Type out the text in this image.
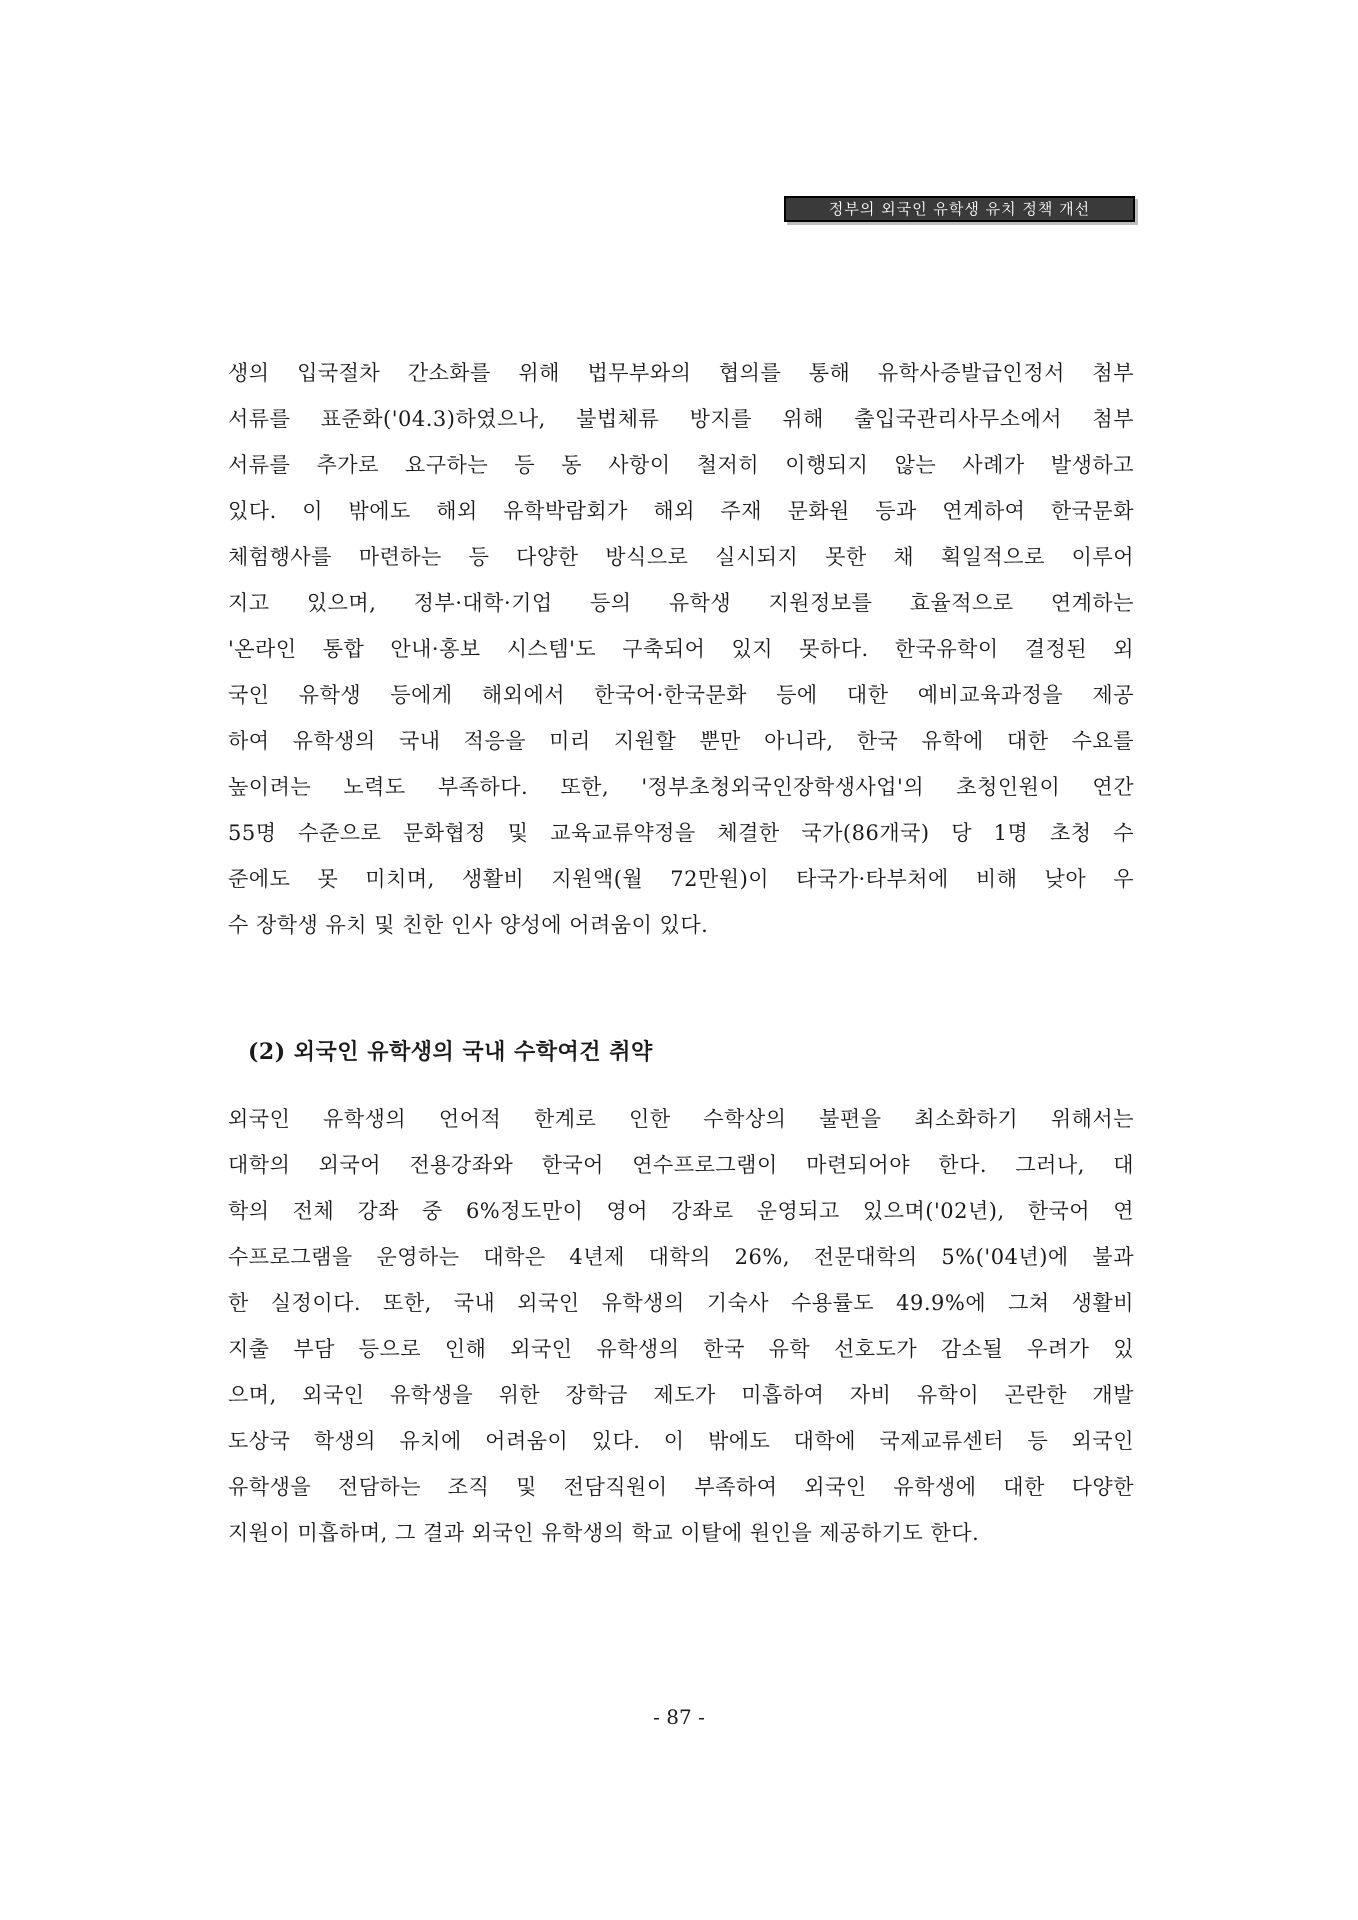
정부의 외국인 유학생 유치 정책 개선
생의 입국절차 간소화를 위해 법무부와의 협의를 통해 유학사증발급인정서 첨부
서류를 표준화('04.3)하였으나, 불법체류 방지를 위해 출입국관리사무소에서 첨부
서류를 추가로 요구하는 등 동 사항이 철저히 이행되지 않는 사례가 발생하고
있다. 이 밖에도 해외 유학박람회가 해외 주재 문화원 등과 연계하여 한국문화
체험행사를 마련하는 등 다양한 방식으로 실시되지 못한 채 획일적으로 이루어
지고 있으며, 정부·대학·기업 등의 유학생 지원정보를 효율적으로 연계하는
'온라인 통합 안내·홍보 시스템'도 구축되어 있지 못하다. 한국유학이 결정된 외
국인 유학생 등에게 해외에서 한국어·한국문화 등에 대한 예비교육과정을 제공
하여 유학생의 국내 적응을 미리 지원할 뿐만 아니라, 한국 유학에 대한 수요를
높이려는 노력도 부족하다. 또한, '정부초청외국인장학생사업'의 초청인원이 연간
55명 수준으로 문화협정 및 교육교류약정을 체결한 국가(86개국) 당 1명 초청 수
준에도 못 미치며, 생활비 지원액(월 72만원)이 타국가·타부처에 비해 낮아 우
수 장학생 유치 및 친한 인사 양성에 어려움이 있다.
(2) 외국인 유학생의 국내 수학여건 취약
외국인 유학생의 언어적 한계로 인한 수학상의 불편을 최소화하기 위해서는
대학의 외국어 전용강좌와 한국어 연수프로그램이 마련되어야 한다. 그러나, 대
학의 전체 강좌 중 6%정도만이 영어 강좌로 운영되고 있으며('02년), 한국어 연
수프로그램을 운영하는 대학은 4년제 대학의 26%, 전문대학의 5%('04년)에 불과
한 실정이다. 또한, 국내 외국인 유학생의 기숙사 수용률도 49.9%에 그쳐 생활비
지출 부담 등으로 인해 외국인 유학생의 한국 유학 선호도가 감소될 우려가 있
으며, 외국인 유학생을 위한 장학금 제도가 미흡하여 자비 유학이 곤란한 개발
도상국 학생의 유치에 어려움이 있다. 이 밖에도 대학에 국제교류센터 등 외국인
유학생을 전담하는 조직 및 전담직원이 부족하여 외국인 유학생에 대한 다양한
지원이 미흡하며, 그 결과 외국인 유학생의 학교 이탈에 원인을 제공하기도 한다.
- 87 -
